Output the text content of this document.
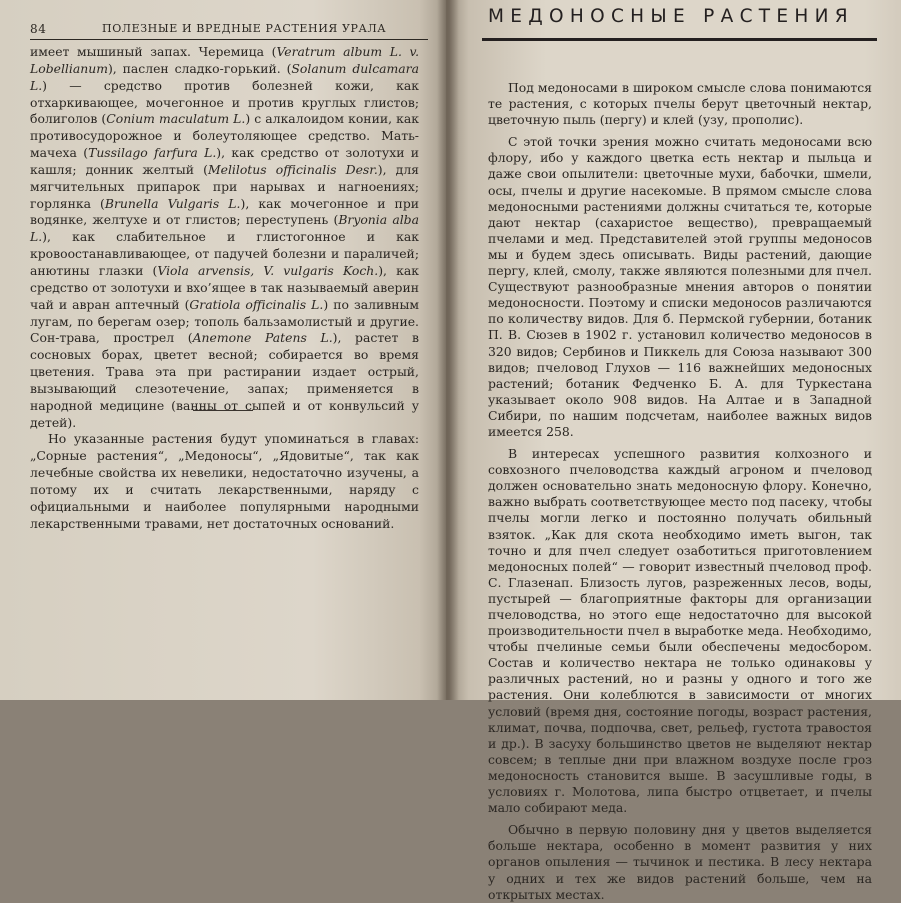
84	ПОЛЕЗНЫЕ И ВРЕДНЫЕ РАСТЕНИЯ УРАЛА

имеет мышиный запах. Черемица (Veratrum album L. v. Lobellianum), паслен сладко-горький. (Solanum dulcamara L.) — средство против болезней кожи, как отхаркивающее, мочегонное и против круглых глистов; болиголов (Conium maculatum L.) с алкалоидом конии, как противосудорожное и болеутоляющее средство. Мать-мачеха (Tussilago farfura L.), как средство от золотухи и кашля; донник желтый (Melilotus officinalis Desr.), для мягчительных припарок при нарывах и нагноениях; горлянка (Brunella Vulgaris L.), как мочегонное и при водянке, желтухе и от глистов; переступень (Bryonia alba L.), как слабительное и глистогонное и как кровоостанавливающее, от падучей болезни и параличей; анютины глазки (Viola arvensis, V. vulgaris Koch.), как средство от золотухи и вхо’ящее в так называемый аверин чай и авран аптечный (Gratiola officinalis L.) по заливным лугам, по берегам озер; тополь бальзамолистый и другие. Сон-трава, прострел (Anemone Patens L.), растет в сосновых борах, цветет весной; собирается во время цветения. Трава эта при растирании издает острый, вызывающий слезотечение, запах; применяется в народной медицине (ванны от сыпей и от конвульсий у детей).

Но указанные растения будут упоминаться в главах: „Сорные растения“, „Медоносы“, „Ядовитые“, так как лечебные свойства их невелики, недостаточно изучены, а потому их и считать лекарственными, наряду с официальными и наиболее популярными народными лекарственными травами, нет достаточных оснований.

МЕДОНОСНЫЕ РАСТЕНИЯ

Под медоносами в широком смысле слова понимаются те растения, с которых пчелы берут цветочный нектар, цветочную пыль (пергу) и клей (узу, прополис).

С этой точки зрения можно считать медоносами всю флору, ибо у каждого цветка есть нектар и пыльца и даже свои опылители: цветочные мухи, бабочки, шмели, осы, пчелы и другие насекомые. В прямом смысле слова медоносными растениями должны считаться те, которые дают нектар (сахаристое вещество), превращаемый пчелами и мед. Представителей этой группы медоносов мы и будем здесь описывать. Виды растений, дающие пергу, клей, смолу, также являются полезными для пчел. Существуют разнообразные мнения авторов о понятии медоносности. Поэтому и списки медоносов различаются по количеству видов. Для б. Пермской губернии, ботаник П. В. Сюзев в 1902 г. установил количество медоносов в 320 видов; Сербинов и Пиккель для Союза называют 300 видов; пчеловод Глухов — 116 важнейших медоносных растений; ботаник Федченко Б. А. для Туркестана указывает около 908 видов. На Алтае и в Западной Сибири, по нашим подсчетам, наиболее важных видов имеется 258.

В интересах успешного развития колхозного и совхозного пчеловодства каждый агроном и пчеловод должен основательно знать медоносную флору. Конечно, важно выбрать соответствующее место под пасеку, чтобы пчелы могли легко и постоянно получать обильный взяток. „Как для скота необходимо иметь выгон, так точно и для пчел следует озаботиться приготовлением медоносных полей“ — говорит известный пчеловод проф. С. Глазенап. Близость лугов, разреженных лесов, воды, пустырей — благоприятные факторы для организации пчеловодства, но этого еще недостаточно для высокой производительности пчел в выработке меда. Необходимо, чтобы пчелиные семьи были обеспечены медосбором. Состав и количество нектара не только одинаковы у различных растений, но и разны у одного и того же растения. Они колеблются в зависимости от многих условий (время дня, состояние погоды, возраст растения, климат, почва, подпочва, свет, рельеф, густота травостоя и др.). В засуху большинство цветов не выделяют нектар совсем; в теплые дни при влажном воздухе после гроз медоносность становится выше. В засушливые годы, в условиях г. Молотова, липа быстро отцветает, и пчелы мало собирают меда.

Обычно в первую половину дня у цветов выделяется больше нектара, особенно в момент развития у них органов опыления — тычинок и пестика. В лесу нектара у одних и тех же видов растений больше, чем на открытых местах.
